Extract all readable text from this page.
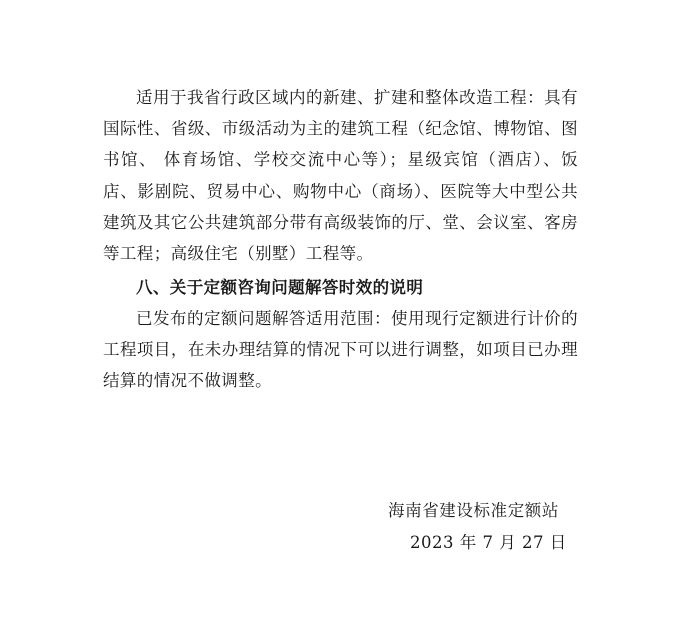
适用于我省行政区域内的新建、扩建和整体改造工程：具有国际性、省级、市级活动为主的建筑工程（纪念馆、博物馆、图书馆、 体育场馆、学校交流中心等）；星级宾馆（酒店）、饭店、影剧院、贸易中心、购物中心（商场）、医院等大中型公共建筑及其它公共建筑部分带有高级装饰的厅、堂、会议室、客房等工程；高级住宅（别墅）工程等。

八、关于定额咨询问题解答时效的说明

已发布的定额问题解答适用范围：使用现行定额进行计价的工程项目，在未办理结算的情况下可以进行调整，如项目已办理结算的情况不做调整。

海南省建设标准定额站
2023 年 7 月 27 日
